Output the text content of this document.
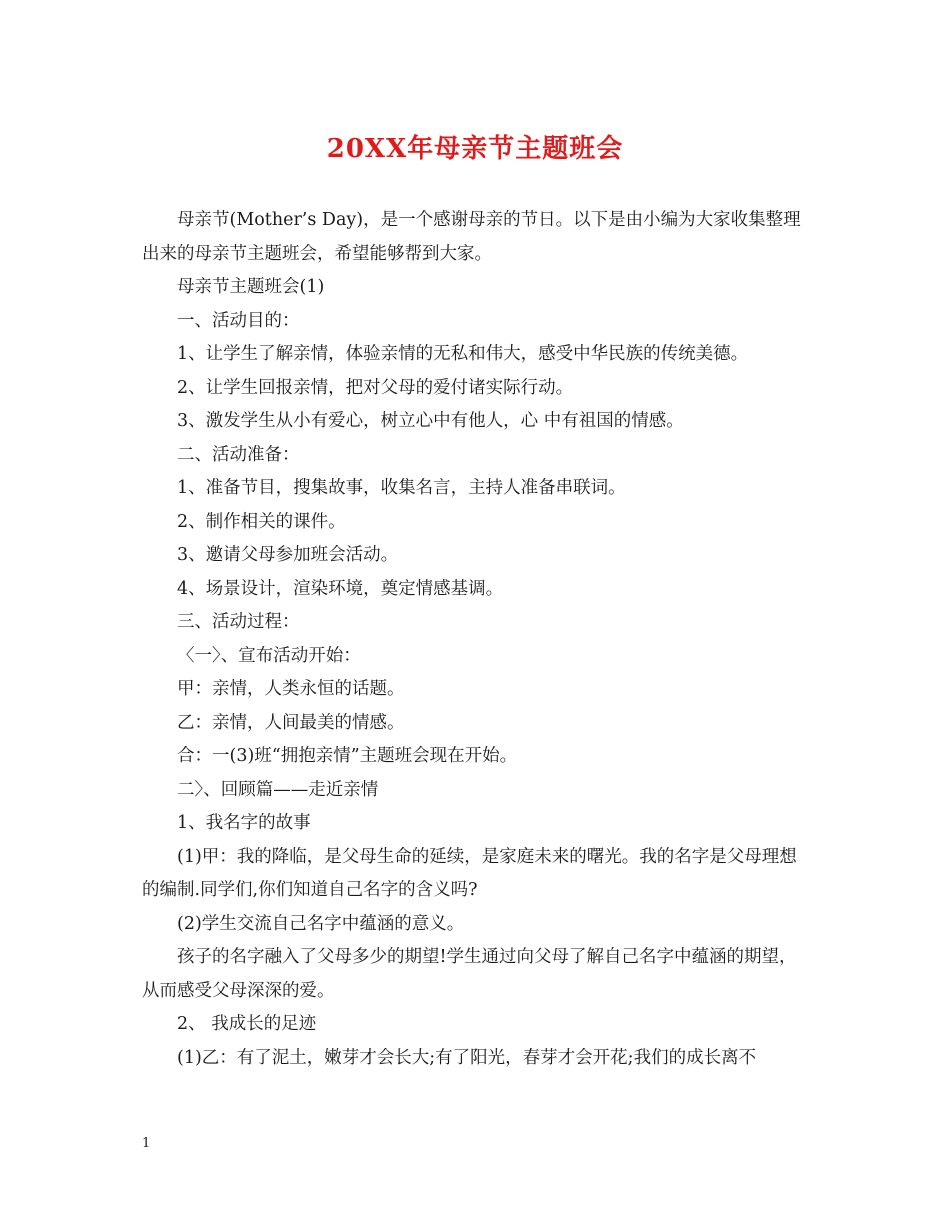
20XX年母亲节主题班会

母亲节(Mother’s Day)，是一个感谢母亲的节日。以下是由小编为大家收集整理出来的母亲节主题班会，希望能够帮到大家。

母亲节主题班会(1)

一、活动目的：

1、让学生了解亲情，体验亲情的无私和伟大，感受中华民族的传统美德。

2、让学生回报亲情，把对父母的爱付诸实际行动。

3、激发学生从小有爱心，树立心中有他人，心 中有祖国的情感。

二、活动准备：

1、准备节目，搜集故事，收集名言，主持人准备串联词。

2、制作相关的课件。

3、邀请父母参加班会活动。

4、场景设计，渲染环境，奠定情感基调。

三、活动过程：

〈一〉、宣布活动开始：

甲：亲情，人类永恒的话题。

乙：亲情，人间最美的情感。

合：一(3)班“拥抱亲情”主题班会现在开始。

二〉、回顾篇——走近亲情

1、我名字的故事

(1)甲：我的降临，是父母生命的延续，是家庭未来的曙光。我的名字是父母理想的编制.同学们,你们知道自己名字的含义吗?

(2)学生交流自己名字中蕴涵的意义。

孩子的名字融入了父母多少的期望!学生通过向父母了解自己名字中蕴涵的期望，从而感受父母深深的爱。

2、 我成长的足迹

(1)乙：有了泥土，嫩芽才会长大;有了阳光，春芽才会开花;我们的成长离不

1
